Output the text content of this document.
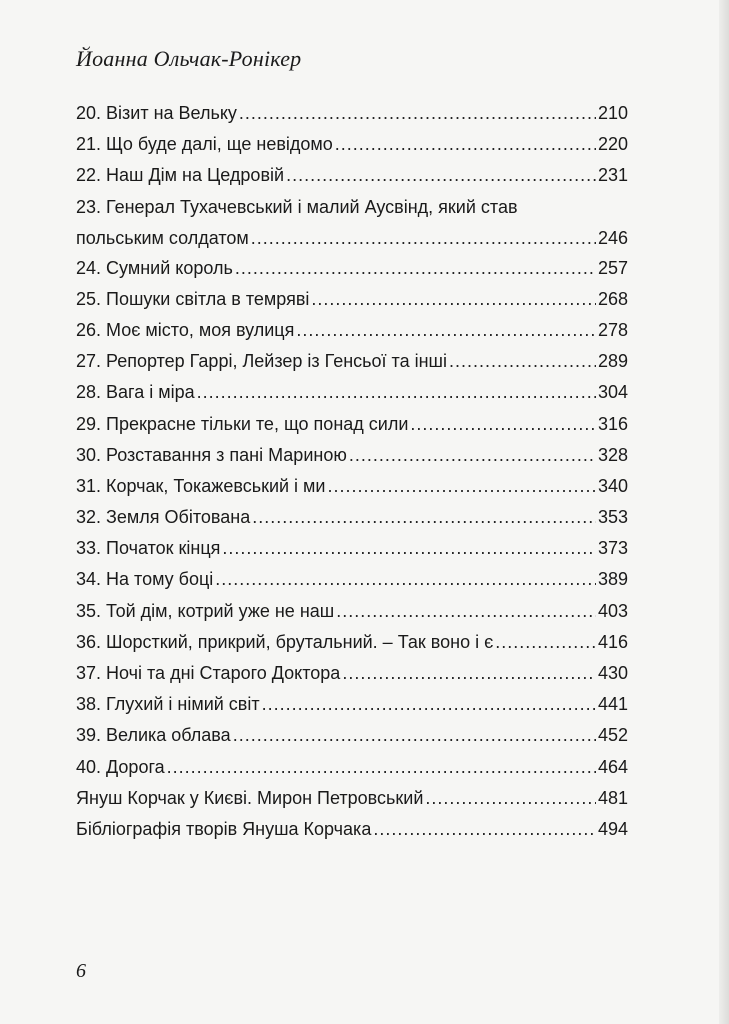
Йоанна Ольчак-Ронікер
20. Візит на Вельку .....	210
21. Що буде далі, ще невідомо .....	220
22. Наш Дім на Цедровій .....	231
23. Генерал Тухачевський і малий Аусвінд, який став
польським солдатом .....	246
24. Сумний король .....	257
25. Пошуки світла в темряві .....	268
26. Моє місто, моя вулиця .....	278
27. Репортер Гаррі, Лейзер із Генсьої та інші .....	289
28. Вага і міра .....	304
29. Прекрасне тільки те, що понад сили .....	316
30. Розставання з пані Мариною .....	328
31. Корчак, Токажевський і ми .....	340
32. Земля Обітована .....	353
33. Початок кінця .....	373
34. На тому боці .....	389
35. Той дім, котрий уже не наш .....	403
36. Шорсткий, прикрий, брутальний. – Так воно і є .....	416
37. Ночі та дні Старого Доктора .....	430
38. Глухий і німий світ .....	441
39. Велика облава .....	452
40. Дорога .....	464
Януш Корчак у Києві. Мирон Петровський .....	481
Бібліографія творів Януша Корчака .....	494
6
